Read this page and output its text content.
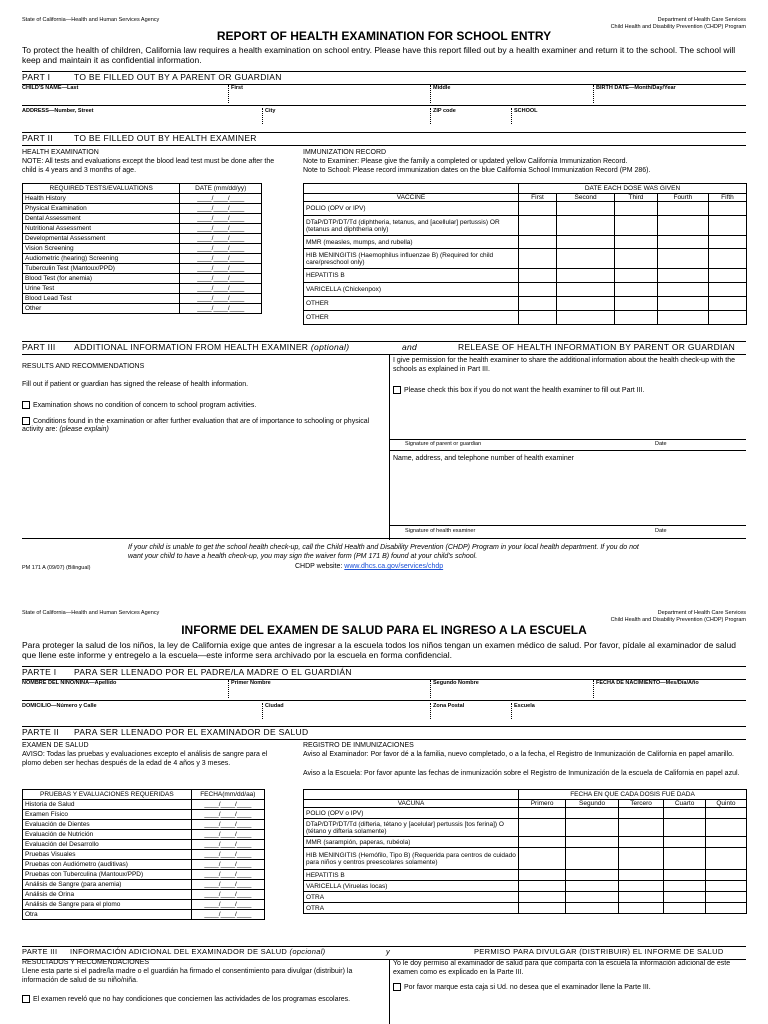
State of California—Health and Human Services Agency	Department of Health Care Services
Child Health and Disability Prevention (CHDP) Program
REPORT OF HEALTH EXAMINATION FOR SCHOOL ENTRY
To protect the health of children, California law requires a health examination on school entry. Please have this report filled out by a health examiner and return it to the school. The school will keep and maintain it as confidential information.
PART I	TO BE FILLED OUT BY A PARENT OR GUARDIAN
CHILD'S NAME—Last	First	Middle	BIRTH DATE—Month/Day/Year
ADDRESS—Number, Street	City	ZIP code	SCHOOL
PART II TO BE FILLED OUT BY HEALTH EXAMINER
HEALTH EXAMINATION
NOTE: All tests and evaluations except the blood lead test must be done after the child is 4 years and 3 months of age.
IMMUNIZATION RECORD
Note to Examiner: Please give the family a completed or updated yellow California Immunization Record.
Note to School: Please record immunization dates on the blue California School Immunization Record (PM 286).
REQUIRED TESTS/EVALUATIONS	DATE (mm/dd/yy)
Health History	____/____/____
Physical Examination	____/____/____
Dental Assessment	____/____/____
Nutritional Assessment	____/____/____
Developmental Assessment	____/____/____
Vision Screening	____/____/____
Audiometric (hearing) Screening	____/____/____
Tuberculin Test (Mantoux/PPD)	____/____/____
Blood Test (for anemia)	____/____/____
Urine Test	____/____/____
Blood Lead Test	____/____/____
Other	____/____/____
	DATE EACH DOSE WAS GIVEN				
VACCINE	First	Second	Third	Fourth	Fifth
POLIO (OPV or IPV)					
DTaP/DTP/DT/Td (diphtheria, tetanus, and [acellular] pertussis) OR (tetanus and diphtheria only)					
MMR (measles, mumps, and rubella)					
HIB MENINGITIS (Haemophilus influenzae B) (Required for child care/preschool only)					
HEPATITIS B					
VARICELLA (Chickenpox)					
OTHER					
OTHER					
PART III ADDITIONAL INFORMATION FROM HEALTH EXAMINER (optional)	and	RELEASE OF HEALTH INFORMATION BY PARENT OR GUARDIAN
RESULTS AND RECOMMENDATIONS
Fill out if patient or guardian has signed the release of health information.
Examination shows no condition of concern to school program activities.
Conditions found in the examination or after further evaluation that are of importance to schooling or physical activity are: (please explain)
I give permission for the health examiner to share the additional information about the health check-up with the schools as explained in Part III.
Please check this box if you do not want the health examiner to fill out Part III.
Signature of parent or guardian	Date
Name, address, and telephone number of health examiner
Signature of health examiner	Date
If your child is unable to get the school health check-up, call the Child Health and Disability Prevention (CHDP) Program in your local health department. If you do not want your child to have a health check-up, you may sign the waiver form (PM 171 B) found at your child's school.
CHDP website: www.dhcs.ca.gov/services/chdp
PM 171 A (09/07) (Bilingual)
State of California—Health and Human Services Agency	Department of Health Care Services
Child Health and Disability Prevention (CHDP) Program
INFORME DEL EXAMEN DE SALUD PARA EL INGRESO A LA ESCUELA
Para proteger la salud de los niños, la ley de California exige que antes de ingresar a la escuela todos los niños tengan un examen médico de salud. Por favor, pídale al examinador de salud que llene este informe y entregelo a la escuela—este informe sera archivado por la escuela en forma confidencial.
PARTE I PARA SER LLENADO POR EL PADRE/LA MADRE O EL GUARDIÁN
NOMBRE DEL NIÑO/NIÑA—Apellido	Primer Nombre	Segundo Nombre	FECHA DE NACIMIENTO—Mes/Día/Año
DOMICILIO—Número y Calle	Ciudad	Zona Postal	Escuela
PARTE II PARA SER LLENADO POR EL EXAMINADOR DE SALUD
EXAMEN DE SALUD
AVISO: Todas las pruebas y evaluaciones excepto el análisis de sangre para el plomo deben ser hechas después de la edad de 4 años y 3 meses.
REGISTRO DE INMUNIZACIONES
Aviso al Examinador: Por favor dé a la familia, nuevo completado, o a la fecha, el Registro de Inmunización de California en papel amarillo.
Aviso a la Escuela: Por favor apunte las fechas de inmunización sobre el Registro de Inmunización de la escuela de California en papel azul.
PRUEBAS Y EVALUACIONES REQUERIDAS	FECHA(mm/dd/aa)
Historia de Salud	____/____/____
Examen Físico	____/____/____
Evaluación de Dientes	____/____/____
Evaluación de Nutrición	____/____/____
Evaluación del Desarrollo	____/____/____
Pruebas Visuales	____/____/____
Pruebas con Audiómetro (auditivas)	____/____/____
Pruebas con Tuberculina (Mantoux/PPD)	____/____/____
Análisis de Sangre (para anemia)	____/____/____
Análisis de Orina	____/____/____
Análisis de Sangre para el plomo	____/____/____
Otra	____/____/____
	FECHA EN QUE CADA DOSIS FUE DADA				
VACUNA	Primero	Segundo	Tercero	Cuarto	Quinto
POLIO (OPV o IPV)					
DTaP/DTP/DT/Td (difteria, tétano y [acelular] pertussis [tos ferina]) O (tétano y difteria solamente)					
MMR (sarampión, paperas, rubéola)					
HIB MENINGITIS (Hemófilo, Tipo B) (Requerida para centros de cuidado para niños y centros preescolares solamente)					
HEPATITIS B					
VARICELLA (Viruelas locas)					
OTRA					
OTRA					
PARTE III INFORMACIÓN ADICIONAL DEL EXAMINADOR DE SALUD (opcional)	y	PERMISO PARA DIVULGAR (DISTRIBUIR) EL INFORME DE SALUD
RESULTADOS Y RECOMENDACIONES
Llene esta parte si el padre/la madre o el guardián ha firmado el consentimiento para divulgar (distribuir) la información de salud de su niño/niña.
El examen reveló que no hay condiciones que conciernen las actividades de los programas escolares.
Yo le doy permiso al examinador de salud para que comparta con la escuela la información adicional de este examen como es explicado en la Parte III.
Por favor marque esta caja si Ud. no desea que el examinador llene la Parte III.
